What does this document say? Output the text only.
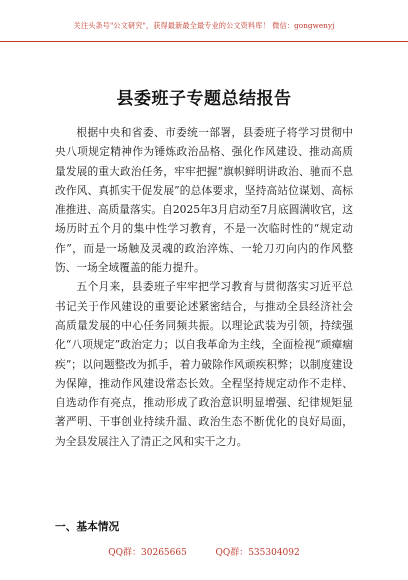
关注头条号"公文研究"，获得最新最全最专业的公文资料库！ 微信：gongwenyj
县委班子专题总结报告

根据中央和省委、市委统一部署，县委班子将学习贯彻中央八项规定精神作为锤炼政治品格、强化作风建设、推动高质量发展的重大政治任务，牢牢把握“旗帜鲜明讲政治、驰而不息改作风、真抓实干促发展”的总体要求，坚持高站位谋划、高标准推进、高质量落实。自2025年3月启动至7月底圆满收官，这场历时五个月的集中性学习教育，不是一次临时性的“规定动作”，而是一场触及灵魂的政治淬炼、一轮刀刃向内的作风整饬、一场全域覆盖的能力提升。

五个月来，县委班子牢牢把学习教育与贯彻落实习近平总书记关于作风建设的重要论述紧密结合，与推动全县经济社会高质量发展的中心任务同频共振。以理论武装为引领，持续强化“八项规定”政治定力；以自我革命为主线，全面检视“顽瘴痼疾”；以问题整改为抓手，着力破除作风顽疾积弊；以制度建设为保障，推动作风建设常态长效。全程坚持规定动作不走样、自选动作有亮点，推动形成了政治意识明显增强、纪律规矩显著严明、干事创业持续升温、政治生态不断优化的良好局面，为全县发展注入了清正之风和实干之力。

一、基本情况
QQ群：30265665          QQ群：535304092
